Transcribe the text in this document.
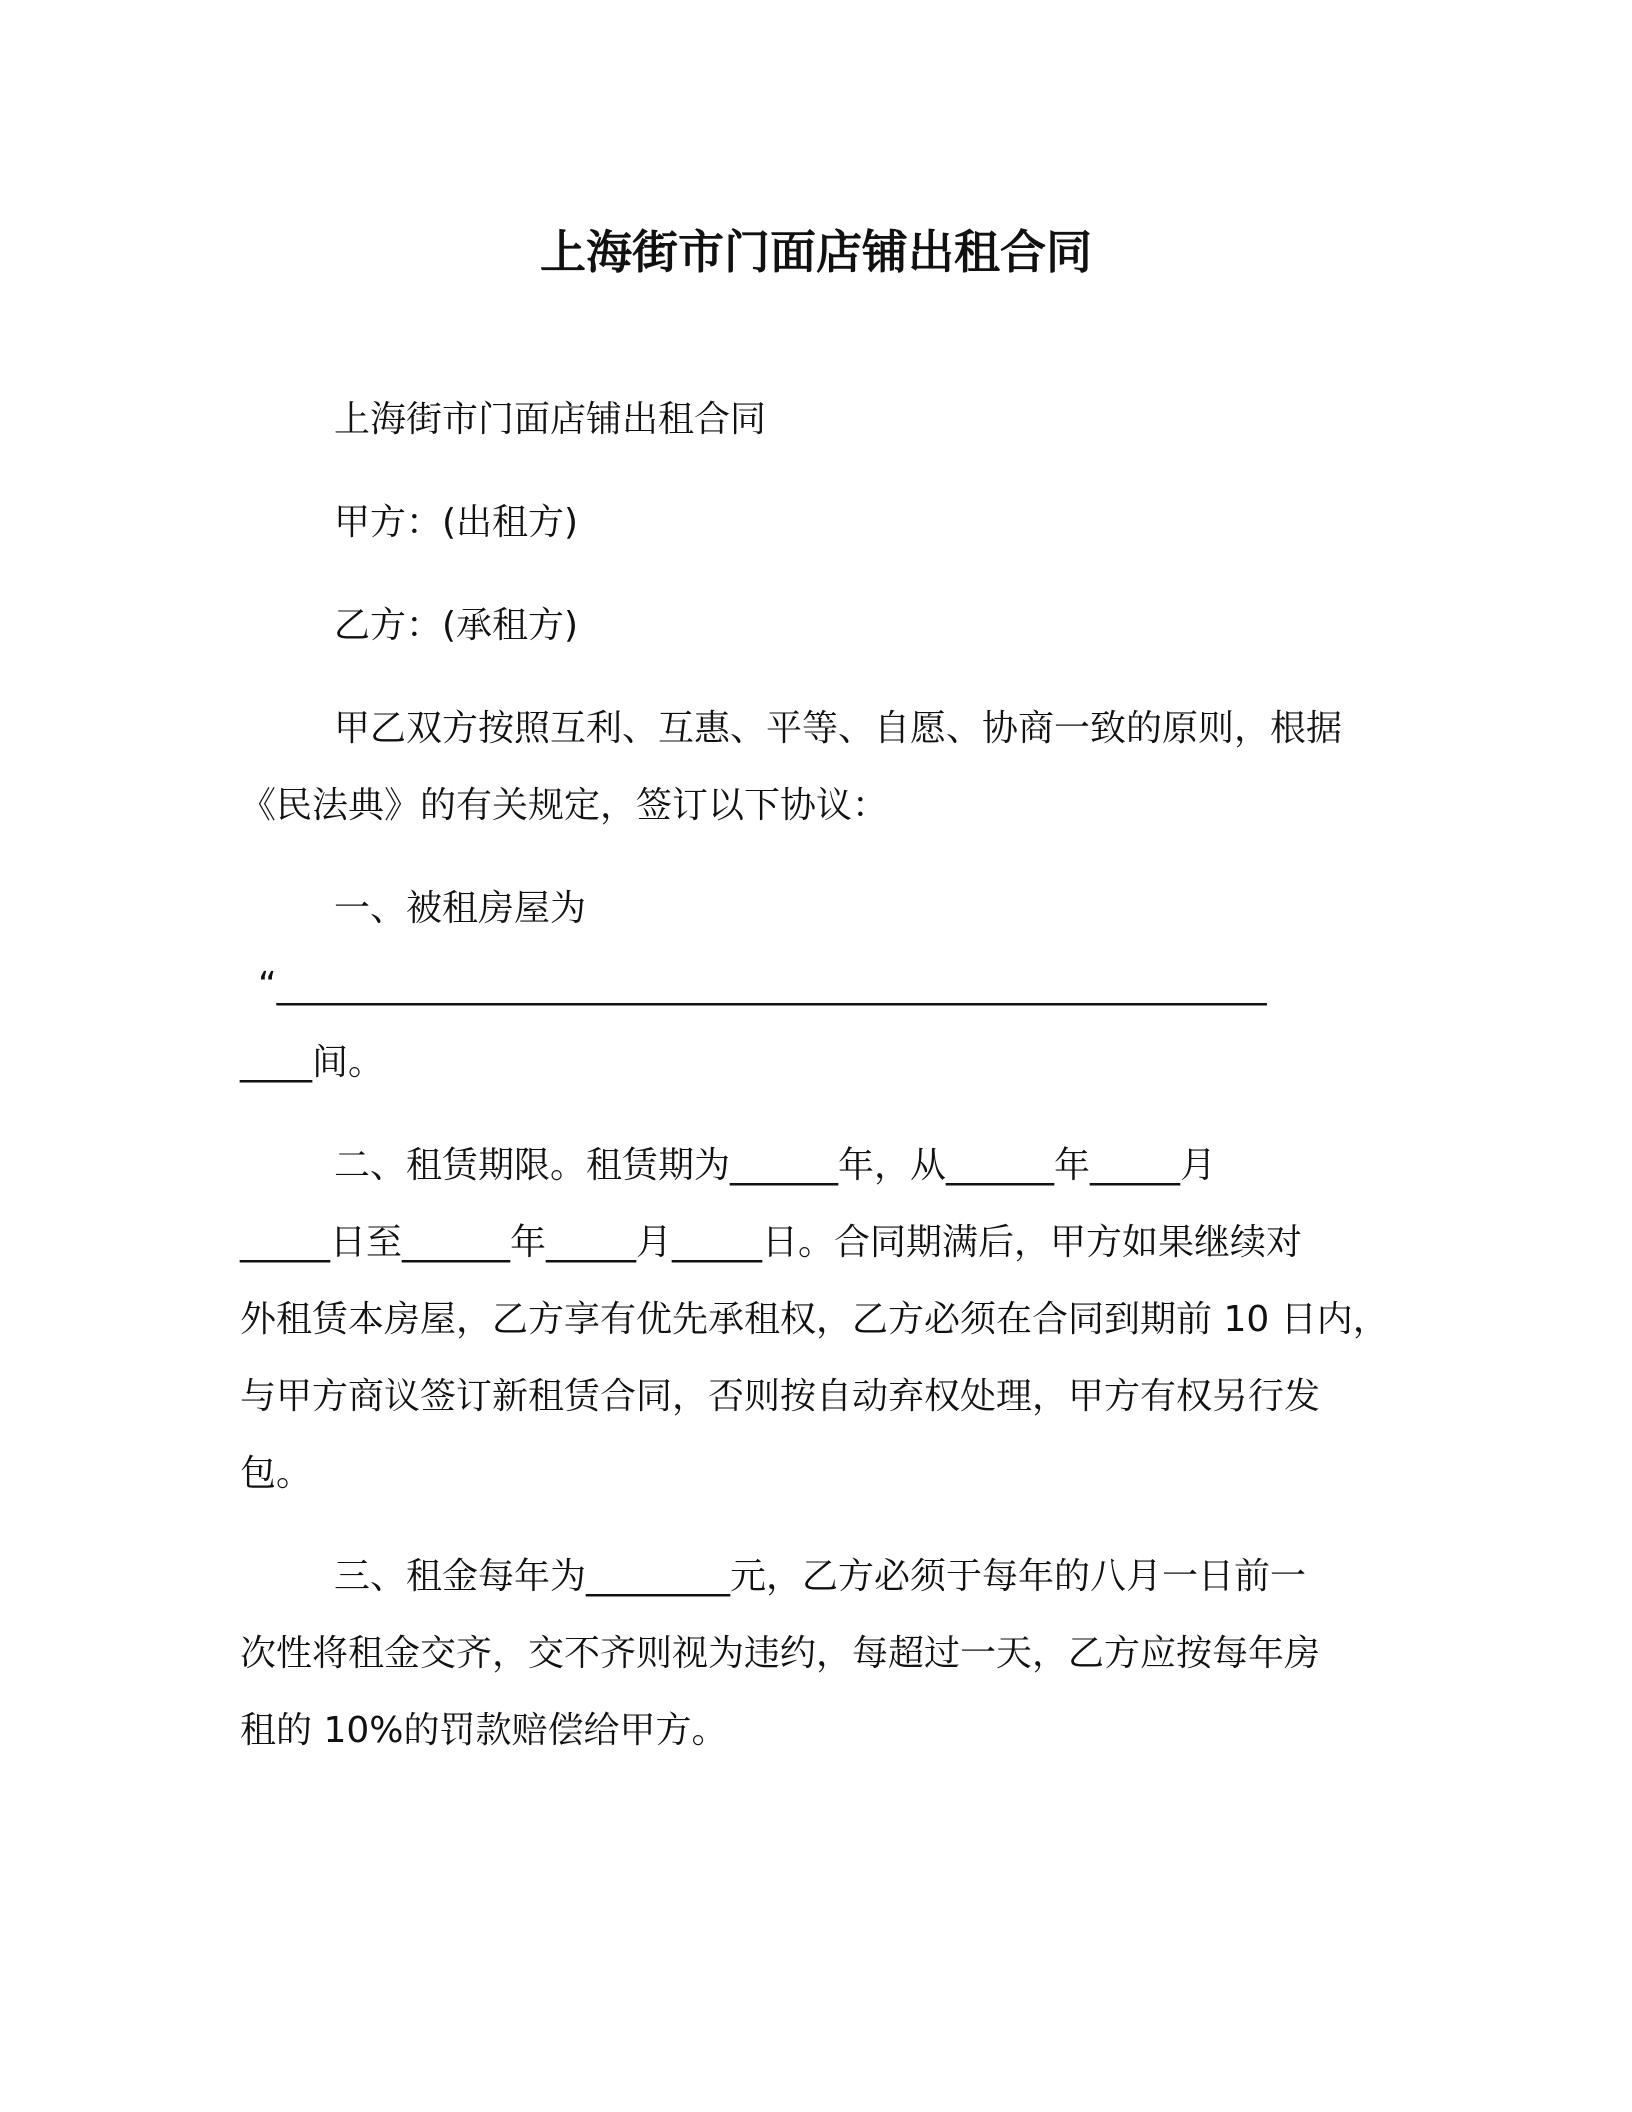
上海街市门面店铺出租合同
上海街市门面店铺出租合同
甲方：(出租方)
乙方：(承租方)
甲乙双方按照互利、互惠、平等、自愿、协商一致的原则，根据
《民法典》的有关规定，签订以下协议：
一、被租房屋为
“_______________________________________________________
____间。
二、租赁期限。租赁期为______年，从______年_____月
_____日至______年_____月_____日。合同期满后，甲方如果继续对
外租赁本房屋，乙方享有优先承租权，乙方必须在合同到期前 10 日内，
与甲方商议签订新租赁合同，否则按自动弃权处理，甲方有权另行发
包。
三、租金每年为________元，乙方必须于每年的八月一日前一
次性将租金交齐，交不齐则视为违约，每超过一天，乙方应按每年房
租的 10%的罚款赔偿给甲方。
